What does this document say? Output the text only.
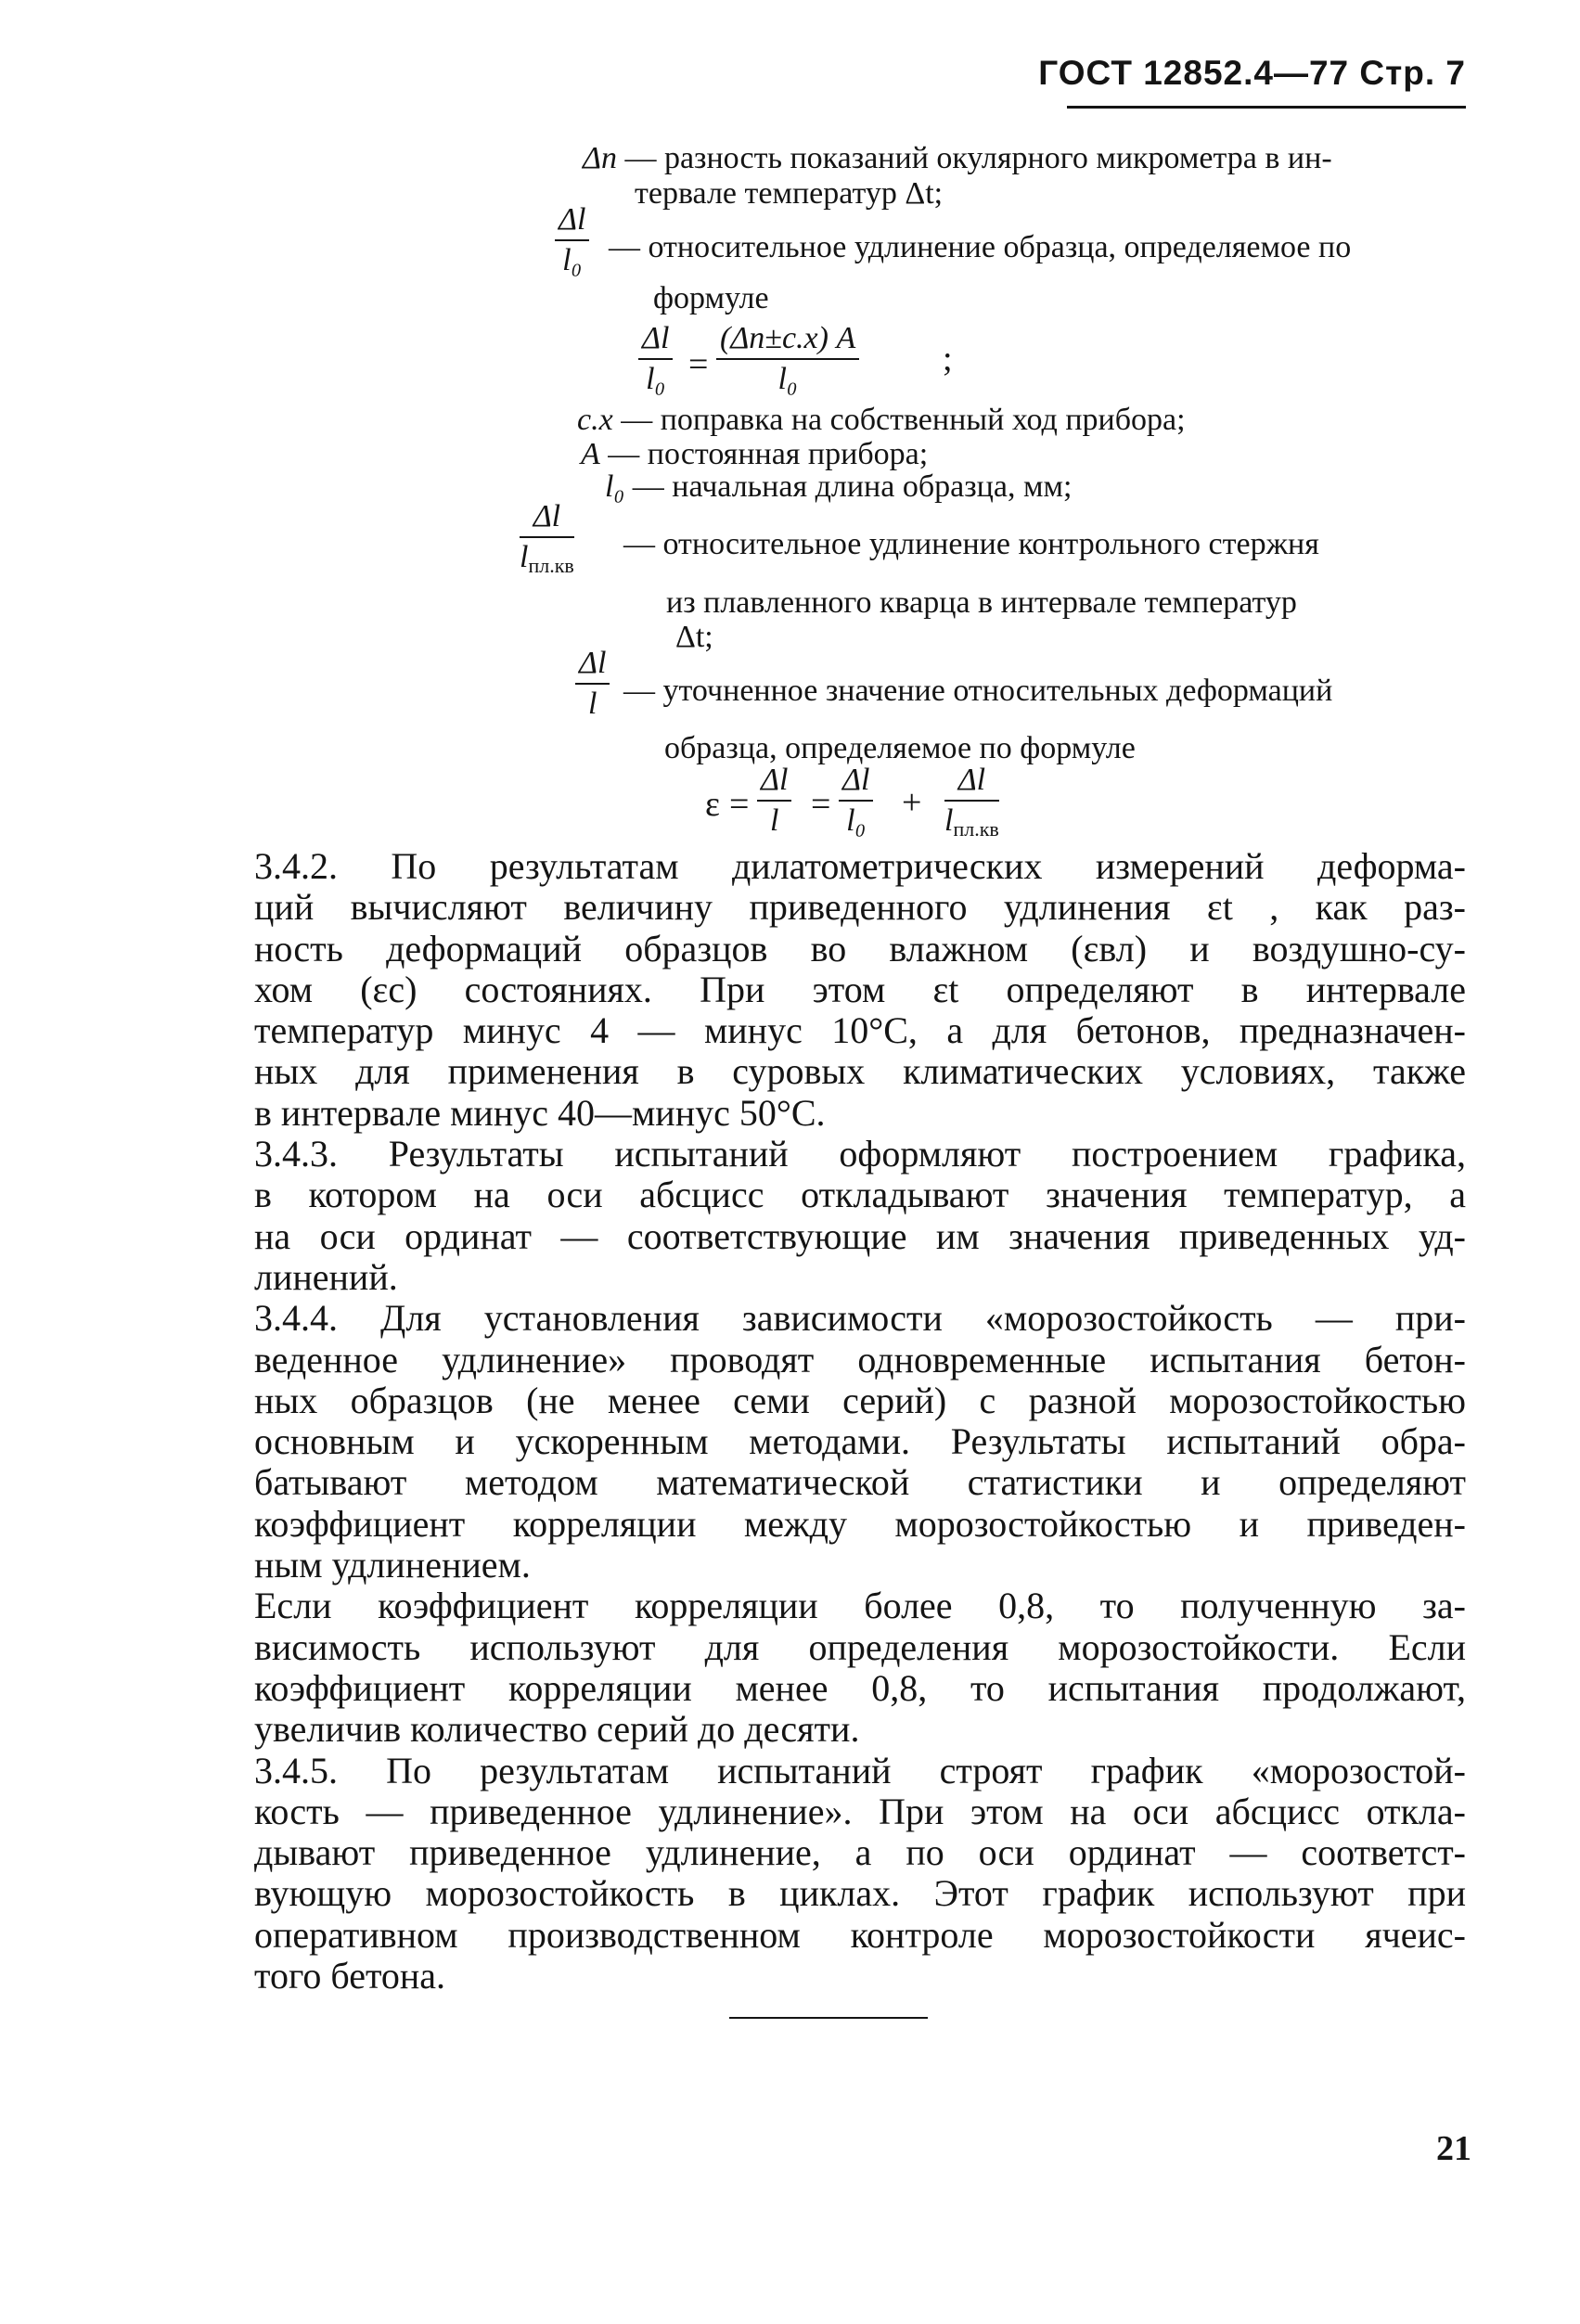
ГОСТ 12852.4—77 Стр. 7
Δn — разность показаний окулярного микрометра в ин-
тервале температур Δt;
$\frac{\Delta l}{\text{l₀}}$ — относительное удлинение образца, определяемое по
формуле
$\frac{\Delta l}{\text{l₀}} = \frac{(\Delta n\pm c.x) A}{\text{l₀}}$ ;
c.x — поправка на собственный ход прибора;
A — постоянная прибора;
l₀ — начальная длина образца, мм;
Δl
$l_{пл.кв}$
— относительное удлинение контрольного стержня
из плавленного кварца в интервале температур
Δt;
$\frac{\Delta l}{l}$ — уточненное значение относительных деформаций
образца, определяемое по формуле
$\varepsilon = \frac{\Delta l}{l} = \frac{\Delta l}{\text{l₀}}$ +
Δl
$l_{пл.кв}$

3.4.2. По результатам дилатометрических измерений деформа-
ций вычисляют величину приведенного удлинения εt , как раз-
ность деформаций образцов во влажном (εвл) и воздушно-су-
хом (εс) состояниях. При этом εt определяют в интервале
температур минус 4 — минус 10°С, а для бетонов, предназначен-
ных для применения в суровых климатических условиях, также
в интервале минус 40—минус 50°С.

3.4.3. Результаты испытаний оформляют построением графика,
в котором на оси абсцисс откладывают значения температур, а
на оси ординат — соответствующие им значения приведенных уд-
линений.

3.4.4. Для установления зависимости «морозостойкость — при-
веденное удлинение» проводят одновременные испытания бетон-
ных образцов (не менее семи серий) с разной морозостойкостью
основным и ускоренным методами. Результаты испытаний обра-
батывают методом математической статистики и определяют
коэффициент корреляции между морозостойкостью и приведен-
ным удлинением.

Если коэффициент корреляции более 0,8, то полученную за-
висимость используют для определения морозостойкости. Если
коэффициент корреляции менее 0,8, то испытания продолжают,
увеличив количество серий до десяти.

3.4.5. По результатам испытаний строят график «морозостой-
кость — приведенное удлинение». При этом на оси абсцисс откла-
дывают приведенное удлинение, а по оси ординат — соответст-
вующую морозостойкость в циклах. Этот график используют при
оперативном производственном контроле морозостойкости ячеис-
того бетона.

21
